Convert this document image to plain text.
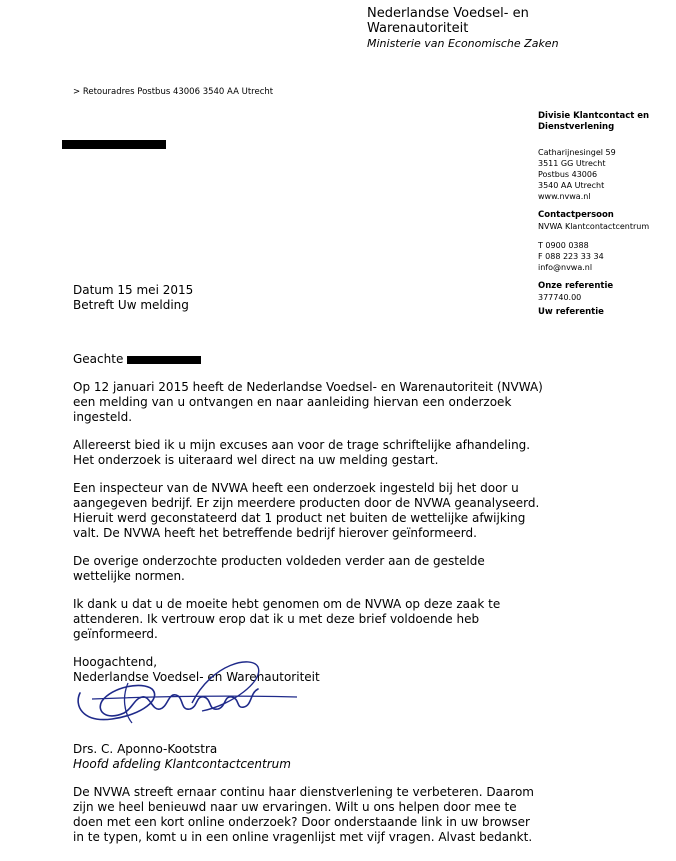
Nederlandse Voedsel- en
Warenautoriteit
Ministerie van Economische Zaken
> Retouradres Postbus 43006 3540 AA Utrecht
Divisie Klantcontact en Dienstverlening
Catharijnesingel 59
3511 GG Utrecht
Postbus 43006
3540 AA Utrecht
www.nvwa.nl
Contactpersoon
NVWA Klantcontactcentrum
T 0900 0388
F 088 223 33 34
info@nvwa.nl
Onze referentie
377740.00
Uw referentie
Datum 15 mei 2015
Betreft Uw melding

Geachte

Op 12 januari 2015 heeft de Nederlandse Voedsel- en Warenautoriteit (NVWA) een melding van u ontvangen en naar aanleiding hiervan een onderzoek ingesteld.

Allereerst bied ik u mijn excuses aan voor de trage schriftelijke afhandeling. Het onderzoek is uiteraard wel direct na uw melding gestart.

Een inspecteur van de NVWA heeft een onderzoek ingesteld bij het door u aangegeven bedrijf. Er zijn meerdere producten door de NVWA geanalyseerd. Hieruit werd geconstateerd dat 1 product net buiten de wettelijke afwijking valt. De NVWA heeft het betreffende bedrijf hierover geïnformeerd.

De overige onderzochte producten voldeden verder aan de gestelde wettelijke normen.

Ik dank u dat u de moeite hebt genomen om de NVWA op deze zaak te attenderen. Ik vertrouw erop dat ik u met deze brief voldoende heb geïnformeerd.

Hoogachtend,
Nederlandse Voedsel- en Warenautoriteit
Drs. C. Aponno-Kootstra
Hoofd afdeling Klantcontactcentrum

De NVWA streeft ernaar continu haar dienstverlening te verbeteren. Daarom zijn we heel benieuwd naar uw ervaringen. Wilt u ons helpen door mee te doen met een kort online onderzoek? Door onderstaande link in uw browser in te typen, komt u in een online vragenlijst met vijf vragen. Alvast bedankt.
